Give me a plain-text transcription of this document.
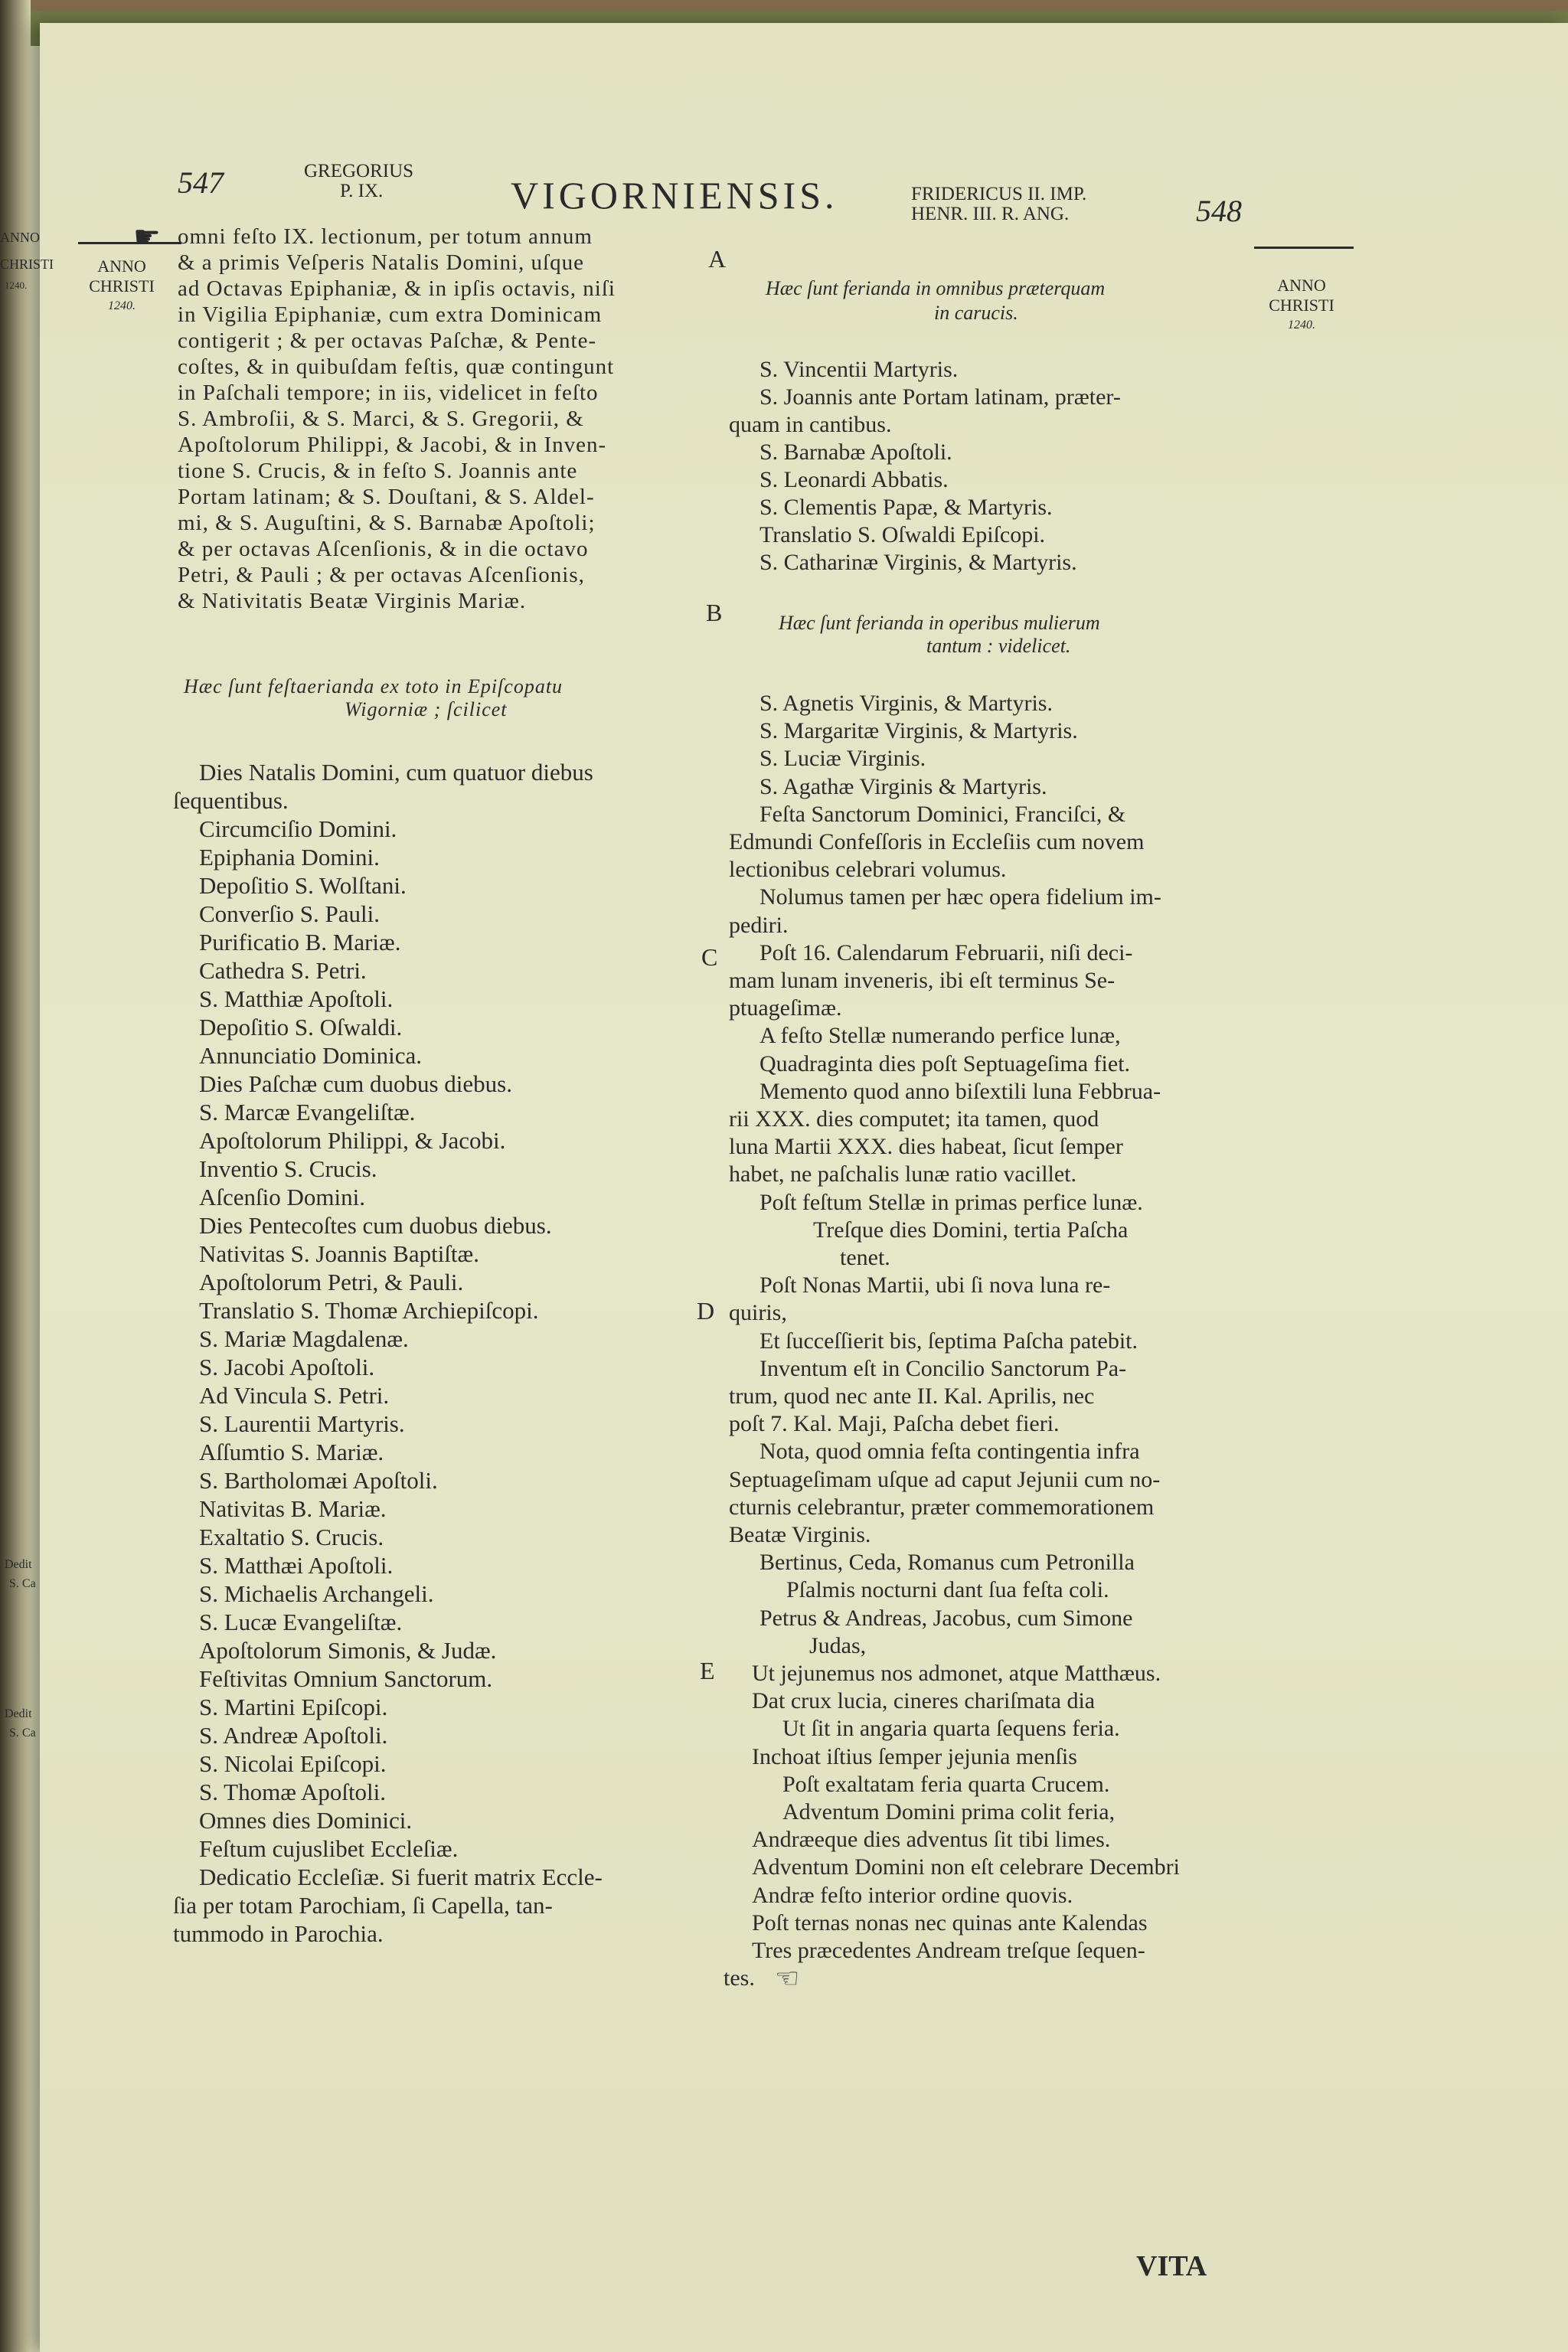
547	GREGORIUS
P. IX.	VIGORNIENSIS.	FRIDERICUS II. IMP.
HENR. III. R. ANG.	548
ANNO
CHRISTI
1240.
ANNO
CHRISTI
1240.
ANNO
CHRISTI
1240.
Dedit
S. Ca
Dedit
S. Ca
A
B
C
D
E
☛ omni feſto IX. lectionum, per totum annum
& a primis Veſperis Natalis Domini, uſque
ad Octavas Epiphaniæ, & in ipſis octavis, niſi
in Vigilia Epiphaniæ, cum extra Dominicam
contigerit ; & per octavas Paſchæ, & Pente-
coſtes, & in quibuſdam feſtis, quæ contingunt
in Paſchali tempore; in iis, videlicet in feſto
S. Ambroſii, & S. Marci, & S. Gregorii, &
Apoſtolorum Philippi, & Jacobi, & in Inven-
tione S. Crucis, & in feſto S. Joannis ante
Portam latinam; & S. Douſtani, & S. Aldel-
mi, & S. Auguſtini, & S. Barnabæ Apoſtoli;
& per octavas Aſcenſionis, & in die octavo
Petri, & Pauli ; & per octavas Aſcenſionis,
& Nativitatis Beatæ Virginis Mariæ.
Hæc ſunt feſtaerianda ex toto in Epiſcopatu
Wigorniæ ; ſcilicet
Dies Natalis Domini, cum quatuor diebus
ſequentibus.
Circumciſio Domini.
Epiphania Domini.
Depoſitio S. Wolſtani.
Converſio S. Pauli.
Purificatio B. Mariæ.
Cathedra S. Petri.
S. Matthiæ Apoſtoli.
Depoſitio S. Oſwaldi.
Annunciatio Dominica.
Dies Paſchæ cum duobus diebus.
S. Marcæ Evangeliſtæ.
Apoſtolorum Philippi, & Jacobi.
Inventio S. Crucis.
Aſcenſio Domini.
Dies Pentecoſtes cum duobus diebus.
Nativitas S. Joannis Baptiſtæ.
Apoſtolorum Petri, & Pauli.
Translatio S. Thomæ Archiepiſcopi.
S. Mariæ Magdalenæ.
S. Jacobi Apoſtoli.
Ad Vincula S. Petri.
S. Laurentii Martyris.
Aſſumtio S. Mariæ.
S. Bartholomæi Apoſtoli.
Nativitas B. Mariæ.
Exaltatio S. Crucis.
S. Matthæi Apoſtoli.
S. Michaelis Archangeli.
S. Lucæ Evangeliſtæ.
Apoſtolorum Simonis, & Judæ.
Feſtivitas Omnium Sanctorum.
S. Martini Epiſcopi.
S. Andreæ Apoſtoli.
S. Nicolai Epiſcopi.
S. Thomæ Apoſtoli.
Omnes dies Dominici.
Feſtum cujuslibet Eccleſiæ.
Dedicatio Eccleſiæ. Si fuerit matrix Eccle-
ſia per totam Parochiam, ſi Capella, tan-
tummodo in Parochia.
Hæc ſunt ferianda in omnibus præterquam
in carucis.
S. Vincentii Martyris.
S. Joannis ante Portam latinam, præter-
quam in cantibus.
S. Barnabæ Apoſtoli.
S. Leonardi Abbatis.
S. Clementis Papæ, & Martyris.
Translatio S. Oſwaldi Epiſcopi.
S. Catharinæ Virginis, & Martyris.
Hæc ſunt ferianda in operibus mulierum
tantum : videlicet.
S. Agnetis Virginis, & Martyris.
S. Margaritæ Virginis, & Martyris.
S. Luciæ Virginis.
S. Agathæ Virginis & Martyris.
Feſta Sanctorum Dominici, Franciſci, &
Edmundi Confeſſoris in Eccleſiis cum novem
lectionibus celebrari volumus.
Nolumus tamen per hæc opera fidelium im-
pediri.
Poſt 16. Calendarum Februarii, niſi deci-
mam lunam inveneris, ibi eſt terminus Se-
ptuageſimæ.
A feſto Stellæ numerando perfice lunæ,
Quadraginta dies poſt Septuageſima fiet.
Memento quod anno biſextili luna Febbrua-
rii XXX. dies computet; ita tamen, quod
luna Martii XXX. dies habeat, ſicut ſemper
habet, ne paſchalis lunæ ratio vacillet.
Poſt feſtum Stellæ in primas perfice lunæ.
Treſque dies Domini, tertia Paſcha
tenet.
Poſt Nonas Martii, ubi ſi nova luna re-
quiris,
Et ſucceſſierit bis, ſeptima Paſcha patebit.
Inventum eſt in Concilio Sanctorum Pa-
trum, quod nec ante II. Kal. Aprilis, nec
poſt 7. Kal. Maji, Paſcha debet fieri.
Nota, quod omnia feſta contingentia infra
Septuageſimam uſque ad caput Jejunii cum no-
cturnis celebrantur, præter commemorationem
Beatæ Virginis.
Bertinus, Ceda, Romanus cum Petronilla
Pſalmis nocturni dant ſua feſta coli.
Petrus & Andreas, Jacobus, cum Simone
Judas,
Ut jejunemus nos admonet, atque Matthæus.
Dat crux lucia, cineres chariſmata dia
Ut ſit in angaria quarta ſequens feria.
Inchoat iſtius ſemper jejunia menſis
Poſt exaltatam feria quarta Crucem.
Adventum Domini prima colit feria,
Andræeque dies adventus ſit tibi limes.
Adventum Domini non eſt celebrare Decembri
Andræ feſto interior ordine quovis.
Poſt ternas nonas nec quinas ante Kalendas
Tres præcedentes Andream treſque ſequen-
tes. ☜
VITA
